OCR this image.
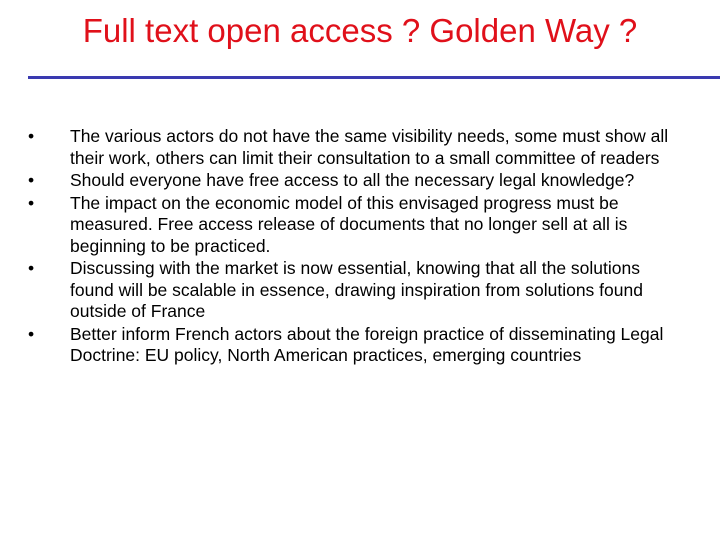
Full text open access ? Golden Way ?
•	The various actors do not have the same visibility needs, some must show all their work, others can limit their consultation to a small committee of readers
•	Should everyone have free access to all the necessary legal knowledge?
•	The impact on the economic model of this envisaged progress must be measured. Free access release of documents that no longer sell at all is beginning to be practiced.
•	Discussing with the market is now essential, knowing that all the solutions found will be scalable in essence, drawing inspiration from solutions found outside of France
•	Better inform French actors about the foreign practice of disseminating Legal Doctrine: EU policy, North American practices, emerging countries
